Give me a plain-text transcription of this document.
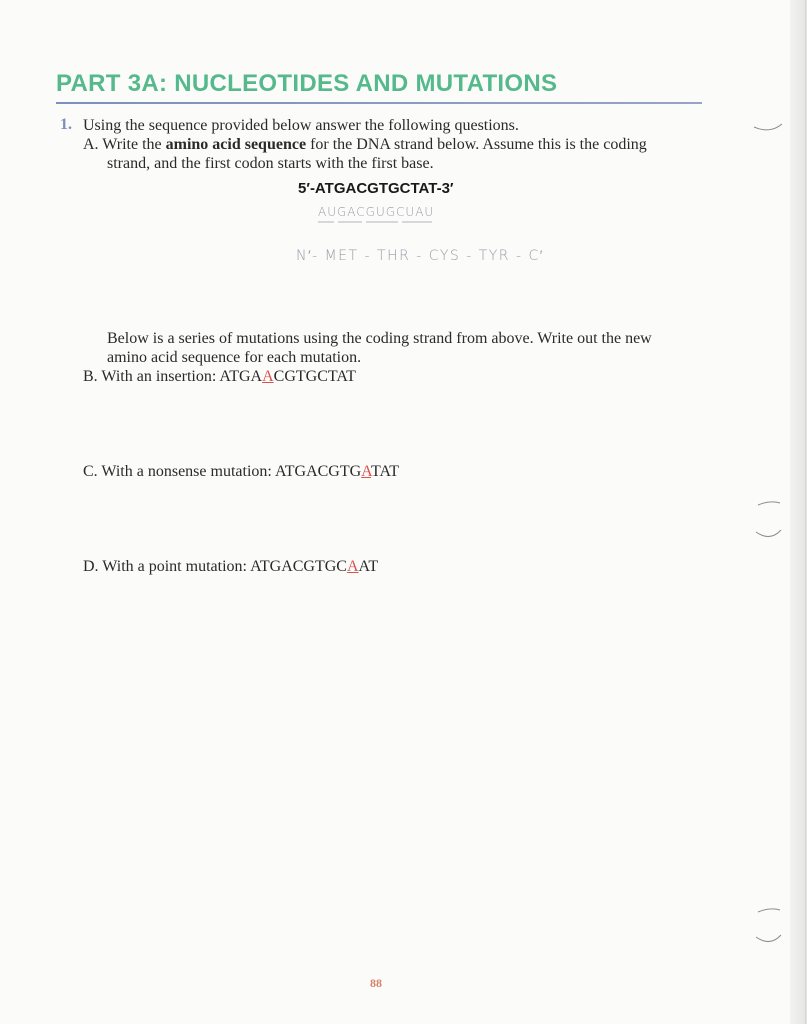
PART 3A: NUCLEOTIDES AND MUTATIONS
1. Using the sequence provided below answer the following questions.
A. Write the amino acid sequence for the DNA strand below. Assume this is the coding
strand, and the first codon starts with the first base.
5′-ATGACGTGCTAT-3′
AUGACGUGCUAU
N′- MET - THR - CYS - TYR - C′
Below is a series of mutations using the coding strand from above. Write out the new
amino acid sequence for each mutation.
B. With an insertion: ATGAACGTGCTAT
C. With a nonsense mutation: ATGACGTGATAT
D. With a point mutation: ATGACGTGCAAT
88
